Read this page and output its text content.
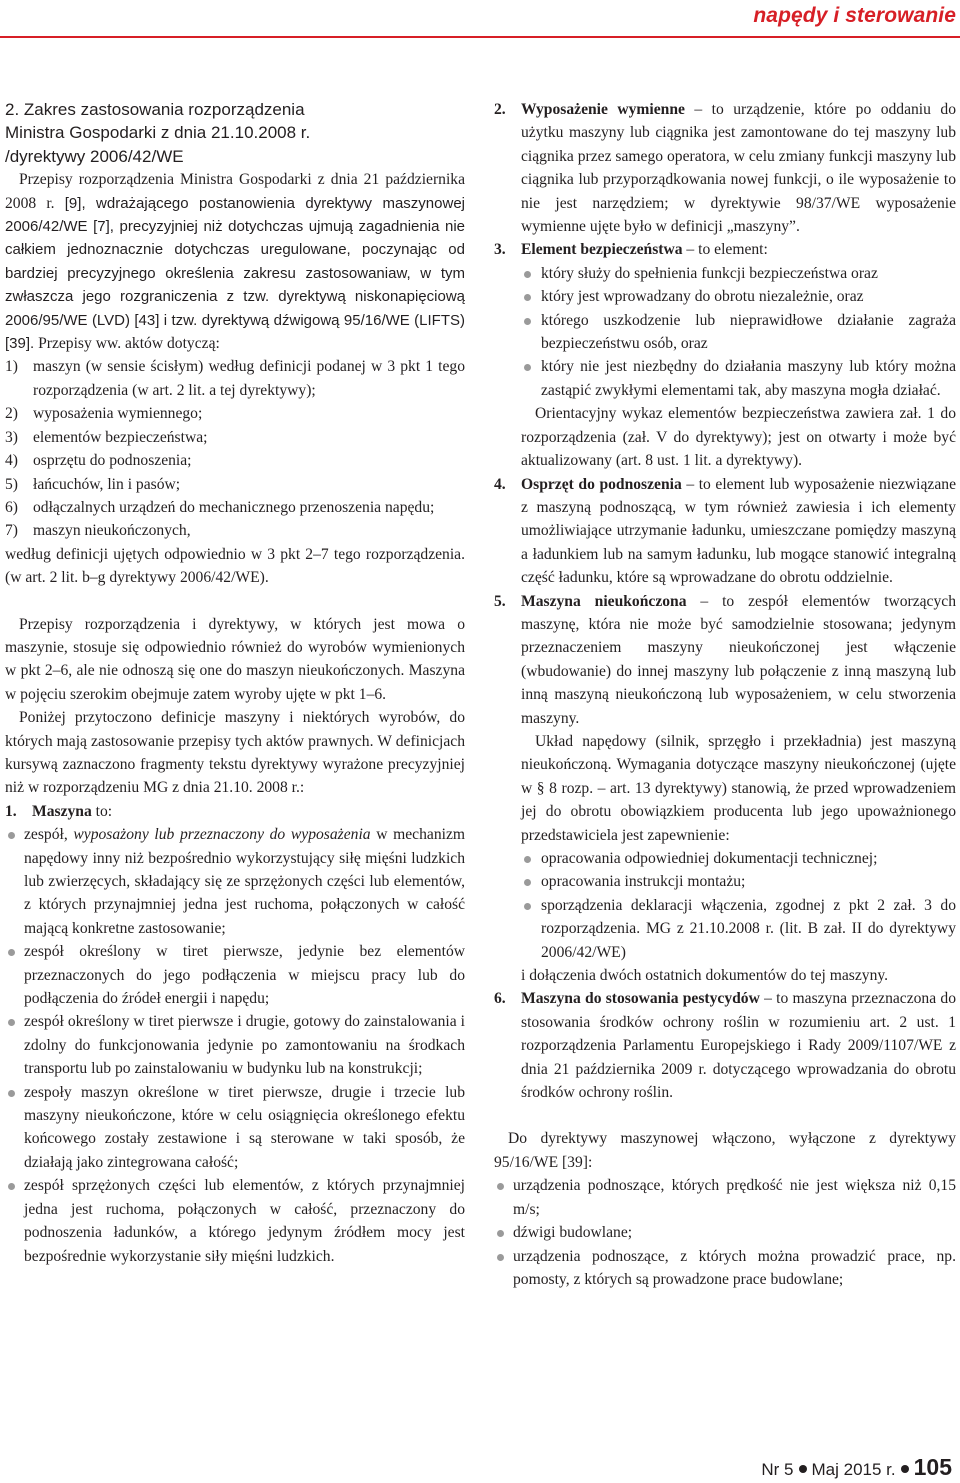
napędy i sterowanie
2. Zakres zastosowania rozporządzenia
Ministra Gospodarki z dnia 21.10.2008 r.
/dyrektywy 2006/42/WE

Przepisy rozporządzenia Ministra Gospodarki z dnia 21 października 2008 r. [9], wdrażającego postanowienia dyrektywy maszynowej 2006/42/WE [7], precyzyjniej niż dotychczas ujmują zagadnienia nie całkiem jednoznacznie dotychczas uregulowane, poczynając od bardziej precyzyjnego określenia zakresu zastosowaniaw, w tym zwłaszcza jego rozgraniczenia z tzw. dyrektywą niskonapięciową 2006/95/WE (LVD) [43] i tzw. dyrektywą dźwigową 95/16/WE (LIFTS) [39]. Przepisy ww. aktów dotyczą:

1) maszyn (w sensie ścisłym) według definicji podanej w 3 pkt 1 tego rozporządzenia (w art. 2 lit. a tej dyrektywy);
2) wyposażenia wymiennego;
3) elementów bezpieczeństwa;
4) osprzętu do podnoszenia;
5) łańcuchów, lin i pasów;
6) odłączalnych urządzeń do mechanicznego przenoszenia napędu;
7) maszyn nieukończonych,

według definicji ujętych odpowiednio w 3 pkt 2–7 tego rozporządzenia. (w art. 2 lit. b–g dyrektywy 2006/42/WE).

Przepisy rozporządzenia i dyrektywy, w których jest mowa o maszynie, stosuje się odpowiednio również do wyrobów wymienionych w pkt 2–6, ale nie odnoszą się one do maszyn nieukończonych. Maszyna w pojęciu szerokim obejmuje zatem wyroby ujęte w pkt 1–6.

Poniżej przytoczono definicje maszyny i niektórych wyrobów, do których mają zastosowanie przepisy tych aktów prawnych. W definicjach kursywą zaznaczono fragmenty tekstu dyrektywy wyrażone precyzyjniej niż w rozporządzeniu MG z dnia 21.10. 2008 r.:

1. Maszyna to:
zespół, wyposażony lub przeznaczony do wyposażenia w mechanizm napędowy inny niż bezpośrednio wykorzystujący siłę mięśni ludzkich lub zwierzęcych, składający się ze sprzężonych części lub elementów, z których przynajmniej jedna jest ruchoma, połączonych w całość mającą konkretne zastosowanie;
zespół określony w tiret pierwsze, jedynie bez elementów przeznaczonych do jego podłączenia w miejscu pracy lub do podłączenia do źródeł energii i napędu;
zespół określony w tiret pierwsze i drugie, gotowy do zainstalowania i zdolny do funkcjonowania jedynie po zamontowaniu na środkach transportu lub po zainstalowaniu w budynku lub na konstrukcji;
zespoły maszyn określone w tiret pierwsze, drugie i trzecie lub maszyny nieukończone, które w celu osiągnięcia określonego efektu końcowego zostały zestawione i są sterowane w taki sposób, że działają jako zintegrowana całość;
zespół sprzężonych części lub elementów, z których przynajmniej jedna jest ruchoma, połączonych w całość, przeznaczony do podnoszenia ładunków, a którego jedynym źródłem mocy jest bezpośrednie wykorzystanie siły mięśni ludzkich.
2. Wyposażenie wymienne – to urządzenie, które po oddaniu do użytku maszyny lub ciągnika jest zamontowane do tej maszyny lub ciągnika przez samego operatora, w celu zmiany funkcji maszyny lub ciągnika lub przyporządkowania nowej funkcji, o ile wyposażenie to nie jest narzędziem; w dyrektywie 98/37/WE wyposażenie wymienne ujęte było w definicji „maszyny”.
3. Element bezpieczeństwa – to element:
który służy do spełnienia funkcji bezpieczeństwa oraz
który jest wprowadzany do obrotu niezależnie, oraz
którego uszkodzenie lub nieprawidłowe działanie zagraża bezpieczeństwu osób, oraz
który nie jest niezbędny do działania maszyny lub który można zastąpić zwykłymi elementami tak, aby maszyna mogła działać.

Orientacyjny wykaz elementów bezpieczeństwa zawiera zał. 1 do rozporządzenia (zał. V do dyrektywy); jest on otwarty i może być aktualizowany (art. 8 ust. 1 lit. a dyrektywy).

4. Osprzęt do podnoszenia – to element lub wyposażenie niezwiązane z maszyną podnoszącą, w tym również zawiesia i ich elementy umożliwiające utrzymanie ładunku, umieszczane pomiędzy maszyną a ładunkiem lub na samym ładunku, lub mogące stanowić integralną część ładunku, które są wprowadzane do obrotu oddzielnie.
5. Maszyna nieukończona – to zespół elementów tworzących maszynę, która nie może być samodzielnie stosowana; jedynym przeznaczeniem maszyny nieukończonej jest włączenie (wbudowanie) do innej maszyny lub połączenie z inną maszyną lub inną maszyną nieukończoną lub wyposażeniem, w celu stworzenia maszyny.

Układ napędowy (silnik, sprzęgło i przekładnia) jest maszyną nieukończoną. Wymagania dotyczące maszyny nieukończonej (ujęte w § 8 rozp. – art. 13 dyrektywy) stanowią, że przed wprowadzeniem jej do obrotu obowiązkiem producenta lub jego upoważnionego przedstawiciela jest zapewnienie:

opracowania odpowiedniej dokumentacji technicznej;
opracowania instrukcji montażu;
sporządzenia deklaracji włączenia, zgodnej z pkt 2 zał. 3 do rozporządzenia. MG z 21.10.2008 r. (lit. B zał. II do dyrektywy 2006/42/WE)

i dołączenia dwóch ostatnich dokumentów do tej maszyny.

6. Maszyna do stosowania pestycydów – to maszyna przeznaczona do stosowania środków ochrony roślin w rozumieniu art. 2 ust. 1 rozporządzenia Parlamentu Europejskiego i Rady 2009/1107/WE z dnia 21 października 2009 r. dotyczącego wprowadzania do obrotu środków ochrony roślin.

Do dyrektywy maszynowej włączono, wyłączone z dyrektywy 95/16/WE [39]:

urządzenia podnoszące, których prędkość nie jest większa niż 0,15 m/s;
dźwigi budowlane;
urządzenia podnoszące, z których można prowadzić prace, np. pomosty, z których są prowadzone prace budowlane;
Nr 5 Maj 2015 r. 105
